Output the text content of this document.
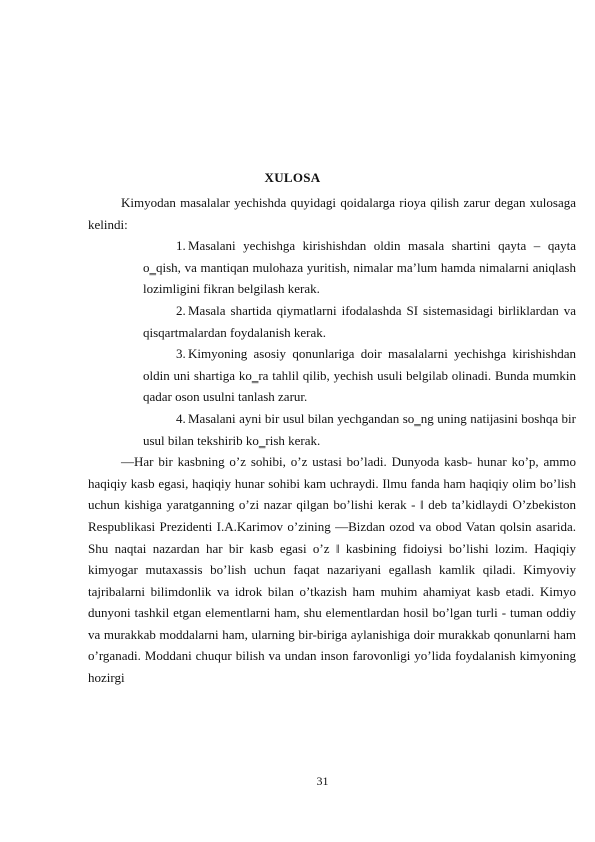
XULOSA

Kimyodan masalalar yechishda quyidagi qoidalarga rioya qilish zarur degan xulosaga kelindi:

1. Masalani yechishga kirishishdan oldin masala shartini qayta – qayta o‗qish, va mantiqan mulohaza yuritish, nimalar ma’lum hamda nimalarni aniqlash lozimligini fikran belgilash kerak.
2. Masala shartida qiymatlarni ifodalashda SI sistemasidagi birliklardan va qisqartmalardan foydalanish kerak.
3. Kimyoning asosiy qonunlariga doir masalalarni yechishga kirishishdan oldin uni shartiga ko‗ra tahlil qilib, yechish usuli belgilab olinadi. Bunda mumkin qadar oson usulni tanlash zarur.
4. Masalani ayni bir usul bilan yechgandan so‗ng uning natijasini boshqa bir usul bilan tekshirib ko‗rish kerak.

―Har bir kasbning o’z sohibi, o’z ustasi bo’ladi. Dunyoda kasb- hunar ko’p, ammo haqiqiy kasb egasi, haqiqiy hunar sohibi kam uchraydi. Ilmu fanda ham haqiqiy olim bo’lish uchun kishiga yaratganning o’zi nazar qilgan bo’lishi kerak - ‖ deb ta’kidlaydi O’zbekiston Respublikasi Prezidenti I.A.Karimov o’zining ―Bizdan ozod va obod Vatan qolsin asarida. Shu naqtai nazardan har bir kasb egasi o’z ‖ kasbining fidoiysi bo’lishi lozim. Haqiqiy kimyogar mutaxassis bo’lish uchun faqat nazariyani egallash kamlik qiladi. Kimyoviy tajribalarni bilimdonlik va idrok bilan o’tkazish ham muhim ahamiyat kasb etadi. Kimyo dunyoni tashkil etgan elementlarni ham, shu elementlardan hosil bo’lgan turli - tuman oddiy va murakkab moddalarni ham, ularning bir-biriga aylanishiga doir murakkab qonunlarni ham o’rganadi. Moddani chuqur bilish va undan inson farovonligi yo’lida foydalanish kimyoning hozirgi

31
